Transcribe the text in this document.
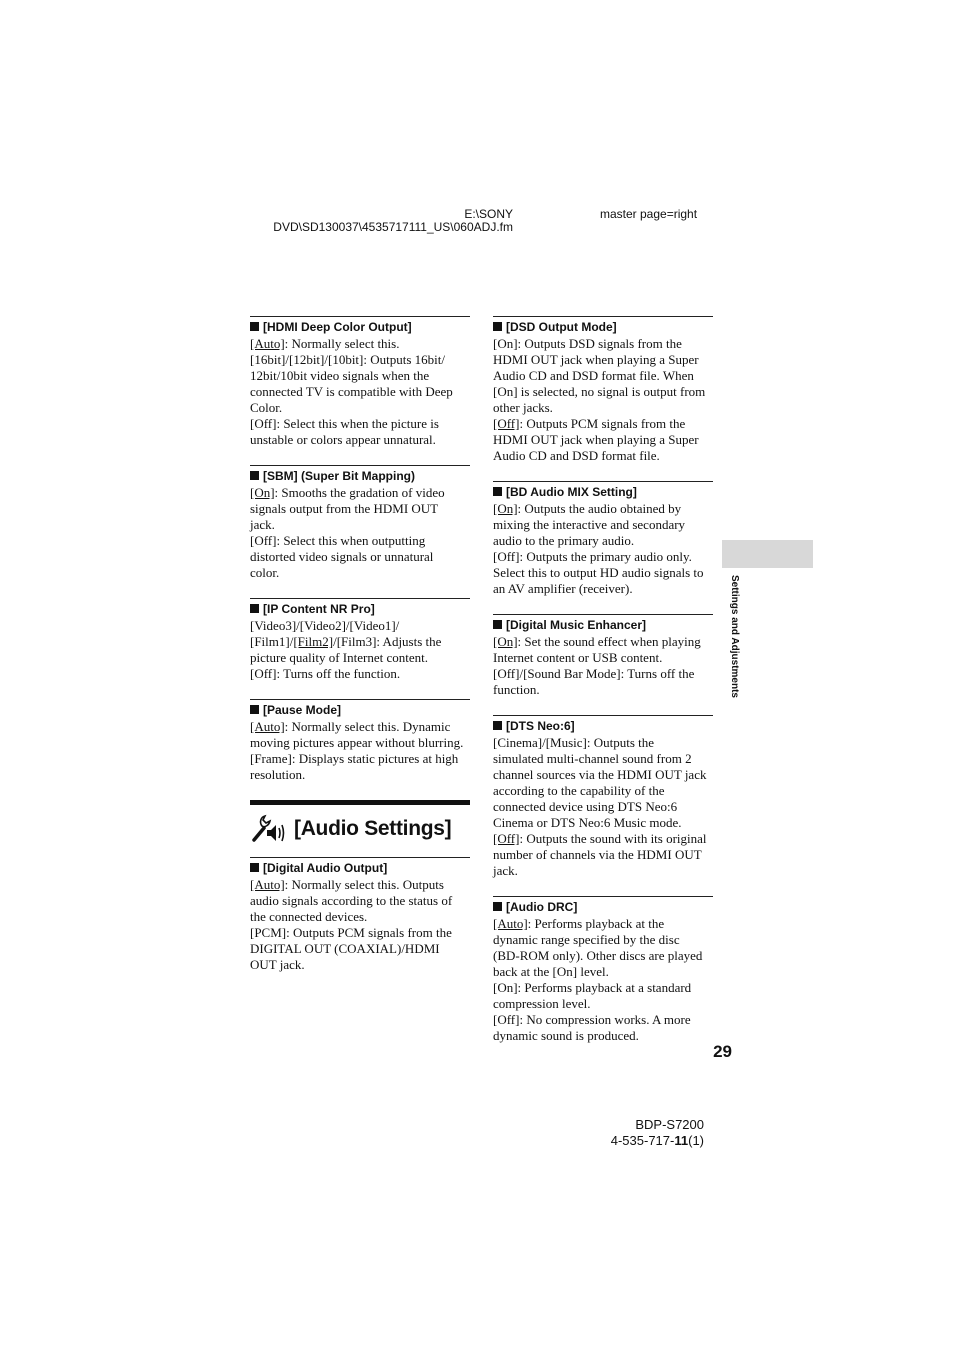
E:\SONY
DVD\SD130037\4535717111_US\060ADJ.fm
master page=right
[HDMI Deep Color Output]
[Auto]: Normally select this.
[16bit]/[12bit]/[10bit]: Outputs 16bit/
12bit/10bit video signals when the
connected TV is compatible with Deep
Color.
[Off]: Select this when the picture is
unstable or colors appear unnatural.
[SBM] (Super Bit Mapping)
[On]: Smooths the gradation of video
signals output from the HDMI OUT
jack.
[Off]: Select this when outputting
distorted video signals or unnatural
color.
[IP Content NR Pro]
[Video3]/[Video2]/[Video1]/
[Film1]/[Film2]/[Film3]: Adjusts the
picture quality of Internet content.
[Off]: Turns off the function.
[Pause Mode]
[Auto]: Normally select this. Dynamic
moving pictures appear without blurring.
[Frame]: Displays static pictures at high
resolution.
[Audio Settings]
[Digital Audio Output]
[Auto]: Normally select this. Outputs
audio signals according to the status of
the connected devices.
[PCM]: Outputs PCM signals from the
DIGITAL OUT (COAXIAL)/HDMI
OUT jack.
[DSD Output Mode]
[On]: Outputs DSD signals from the
HDMI OUT jack when playing a Super
Audio CD and DSD format file. When
[On] is selected, no signal is output from
other jacks.
[Off]: Outputs PCM signals from the
HDMI OUT jack when playing a Super
Audio CD and DSD format file.
[BD Audio MIX Setting]
[On]: Outputs the audio obtained by
mixing the interactive and secondary
audio to the primary audio.
[Off]: Outputs the primary audio only.
Select this to output HD audio signals to
an AV amplifier (receiver).
[Digital Music Enhancer]
[On]: Set the sound effect when playing
Internet content or USB content.
[Off]/[Sound Bar Mode]: Turns off the
function.
[DTS Neo:6]
[Cinema]/[Music]: Outputs the
simulated multi-channel sound from 2
channel sources via the HDMI OUT jack
according to the capability of the
connected device using DTS Neo:6
Cinema or DTS Neo:6 Music mode.
[Off]: Outputs the sound with its original
number of channels via the HDMI OUT
jack.
[Audio DRC]
[Auto]: Performs playback at the
dynamic range specified by the disc
(BD-ROM only). Other discs are played
back at the [On] level.
[On]: Performs playback at a standard
compression level.
[Off]: No compression works. A more
dynamic sound is produced.
Settings and Adjustments
29
BDP-S7200
4-535-717-11(1)
